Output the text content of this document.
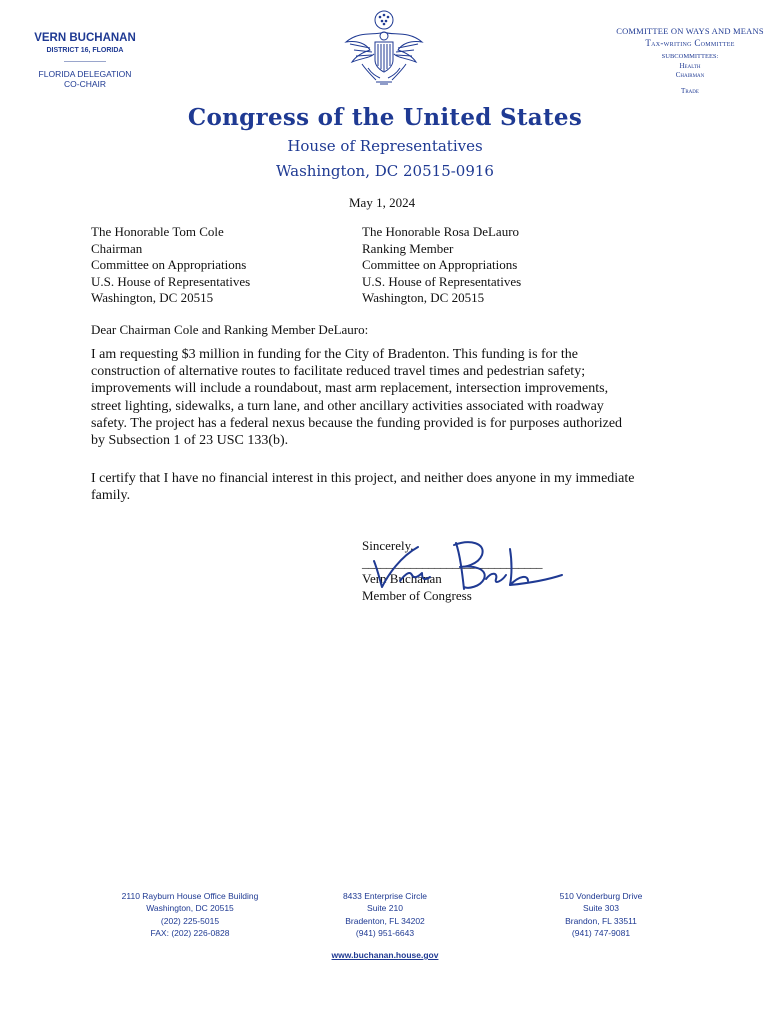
VERN BUCHANAN
DISTRICT 16, FLORIDA
FLORIDA DELEGATION
CO-CHAIR
COMMITTEE ON WAYS AND MEANS
Tax-writing Committee
SUBCOMMITTEES:
Health
Chairman
Trade
Congress of the United States
House of Representatives
Washington, DC 20515-0916
May 1, 2024
The Honorable Tom Cole
Chairman
Committee on Appropriations
U.S. House of Representatives
Washington, DC 20515
The Honorable Rosa DeLauro
Ranking Member
Committee on Appropriations
U.S. House of Representatives
Washington, DC 20515
Dear Chairman Cole and Ranking Member DeLauro:
I am requesting $3 million in funding for the City of Bradenton. This funding is for the
construction of alternative routes to facilitate reduced travel times and pedestrian safety;
improvements will include a roundabout, mast arm replacement, intersection improvements,
street lighting, sidewalks, a turn lane, and other ancillary activities associated with roadway
safety. The project has a federal nexus because the funding provided is for purposes authorized
by Subsection 1 of 23 USC 133(b).
I certify that I have no financial interest in this project, and neither does anyone in my immediate
family.
Sincerely,
______________________________
Vern Buchanan
Member of Congress
2110 Rayburn House Office Building
Washington, DC 20515
(202) 225-5015
FAX: (202) 226-0828
8433 Enterprise Circle
Suite 210
Bradenton, FL 34202
(941) 951-6643
510 Vonderburg Drive
Suite 303
Brandon, FL 33511
(941) 747-9081
www.buchanan.house.gov
